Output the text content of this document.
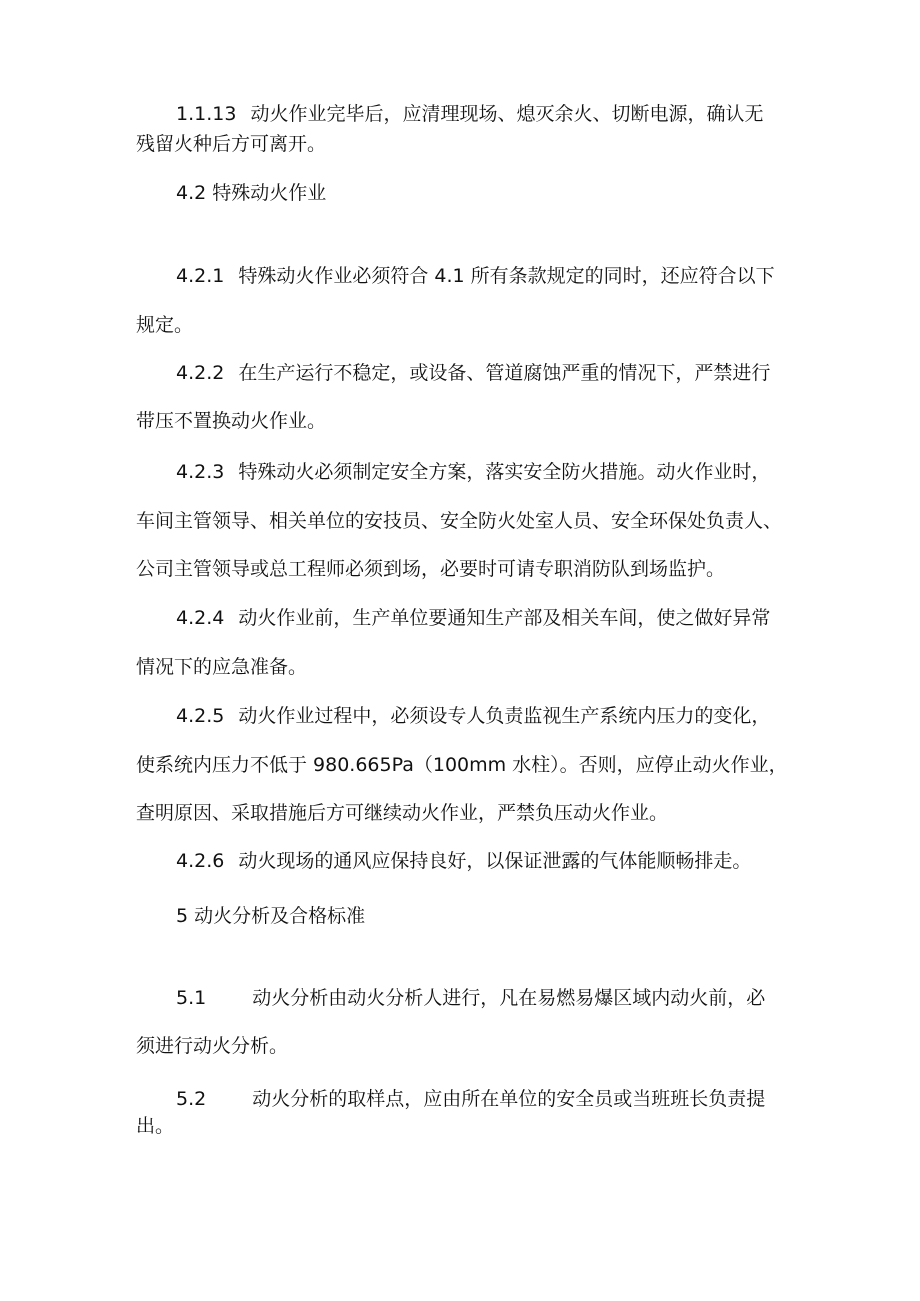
1.1.13 动火作业完毕后，应清理现场、熄灭余火、切断电源，确认无
残留火种后方可离开。
4.2 特殊动火作业
4.2.1 特殊动火作业必须符合 4.1 所有条款规定的同时，还应符合以下
规定。
4.2.2 在生产运行不稳定，或设备、管道腐蚀严重的情况下，严禁进行
带压不置换动火作业。
4.2.3 特殊动火必须制定安全方案，落实安全防火措施。动火作业时，
车间主管领导、相关单位的安技员、安全防火处室人员、安全环保处负责人、
公司主管领导或总工程师必须到场，必要时可请专职消防队到场监护。
4.2.4 动火作业前，生产单位要通知生产部及相关车间，使之做好异常
情况下的应急准备。
4.2.5 动火作业过程中，必须设专人负责监视生产系统内压力的变化，
使系统内压力不低于 980.665Pa（100mm 水柱）。否则，应停止动火作业，
查明原因、采取措施后方可继续动火作业，严禁负压动火作业。
4.2.6 动火现场的通风应保持良好，以保证泄露的气体能顺畅排走。
5 动火分析及合格标准
5.1 动火分析由动火分析人进行，凡在易燃易爆区域内动火前，必
须进行动火分析。
5.2 动火分析的取样点，应由所在单位的安全员或当班班长负责提
出。
